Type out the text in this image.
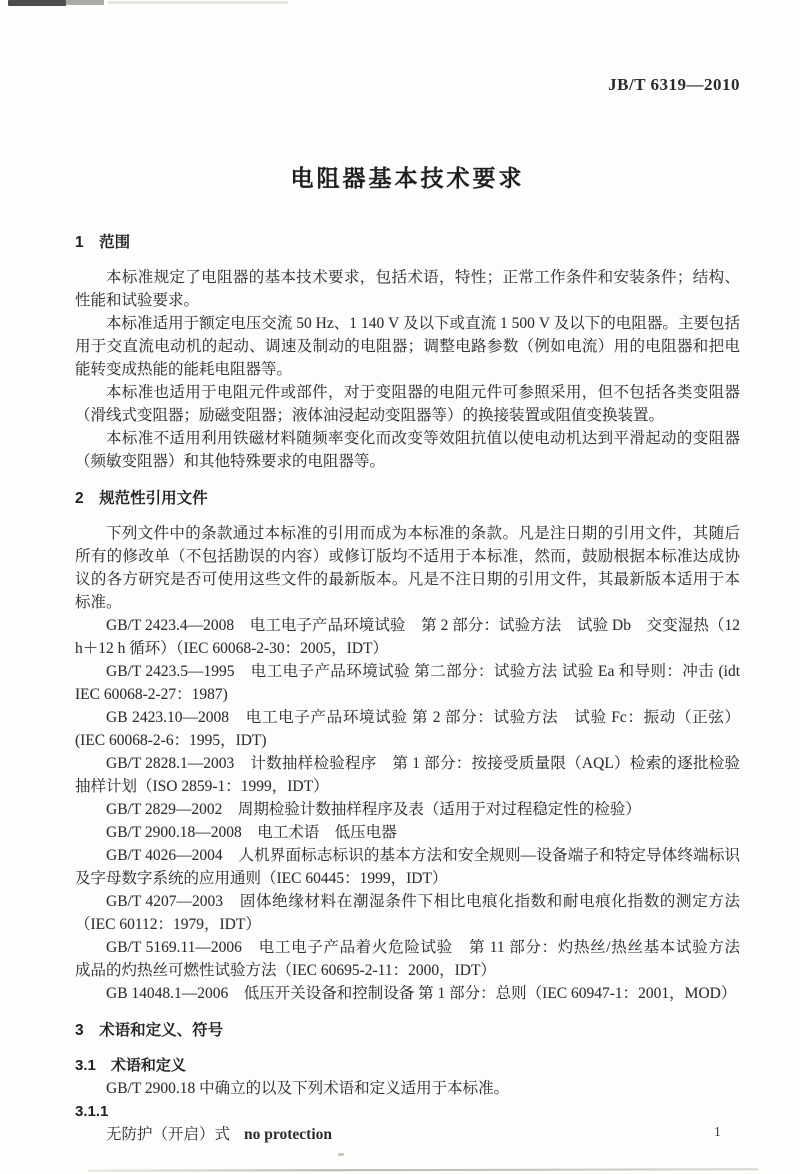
JB/T 6319—2010
电阻器基本技术要求
1　范围

本标准规定了电阻器的基本技术要求，包括术语，特性；正常工作条件和安装条件；结构、性能和试验要求。

本标准适用于额定电压交流 50 Hz、1 140 V 及以下或直流 1 500 V 及以下的电阻器。主要包括用于交直流电动机的起动、调速及制动的电阻器；调整电路参数（例如电流）用的电阻器和把电能转变成热能的能耗电阻器等。

本标准也适用于电阻元件或部件，对于变阻器的电阻元件可参照采用，但不包括各类变阻器（滑线式变阻器；励磁变阻器；液体油浸起动变阻器等）的换接装置或阻值变换装置。

本标准不适用利用铁磁材料随频率变化而改变等效阻抗值以使电动机达到平滑起动的变阻器（频敏变阻器）和其他特殊要求的电阻器等。

2　规范性引用文件

下列文件中的条款通过本标准的引用而成为本标准的条款。凡是注日期的引用文件，其随后所有的修改单（不包括勘误的内容）或修订版均不适用于本标准，然而，鼓励根据本标准达成协议的各方研究是否可使用这些文件的最新版本。凡是不注日期的引用文件，其最新版本适用于本标准。

GB/T 2423.4—2008　电工电子产品环境试验　第 2 部分：试验方法　试验 Db　交变湿热（12 h＋12 h 循环）（IEC 60068-2-30：2005，IDT）

GB/T 2423.5—1995　电工电子产品环境试验 第二部分：试验方法 试验 Ea 和导则：冲击 (idt IEC 60068-2-27：1987)

GB 2423.10—2008　电工电子产品环境试验 第 2 部分：试验方法　试验 Fc：振动（正弦）(IEC 60068-2-6：1995，IDT)

GB/T 2828.1—2003　计数抽样检验程序　第 1 部分：按接受质量限（AQL）检索的逐批检验抽样计划（ISO 2859-1：1999，IDT）

GB/T 2829—2002　周期检验计数抽样程序及表（适用于对过程稳定性的检验）

GB/T 2900.18—2008　电工术语　低压电器

GB/T 4026—2004　人机界面标志标识的基本方法和安全规则—设备端子和特定导体终端标识及字母数字系统的应用通则（IEC 60445：1999，IDT）

GB/T 4207—2003　固体绝缘材料在潮湿条件下相比电痕化指数和耐电痕化指数的测定方法（IEC 60112：1979，IDT）

GB/T 5169.11—2006　电工电子产品着火危险试验　第 11 部分：灼热丝/热丝基本试验方法　成品的灼热丝可燃性试验方法（IEC 60695-2-11：2000，IDT）

GB 14048.1—2006　低压开关设备和控制设备 第 1 部分：总则（IEC 60947-1：2001，MOD）

3　术语和定义、符号
3.1　术语和定义

GB/T 2900.18 中确立的以及下列术语和定义适用于本标准。

3.1.1

无防护（开启）式 no protection	1
